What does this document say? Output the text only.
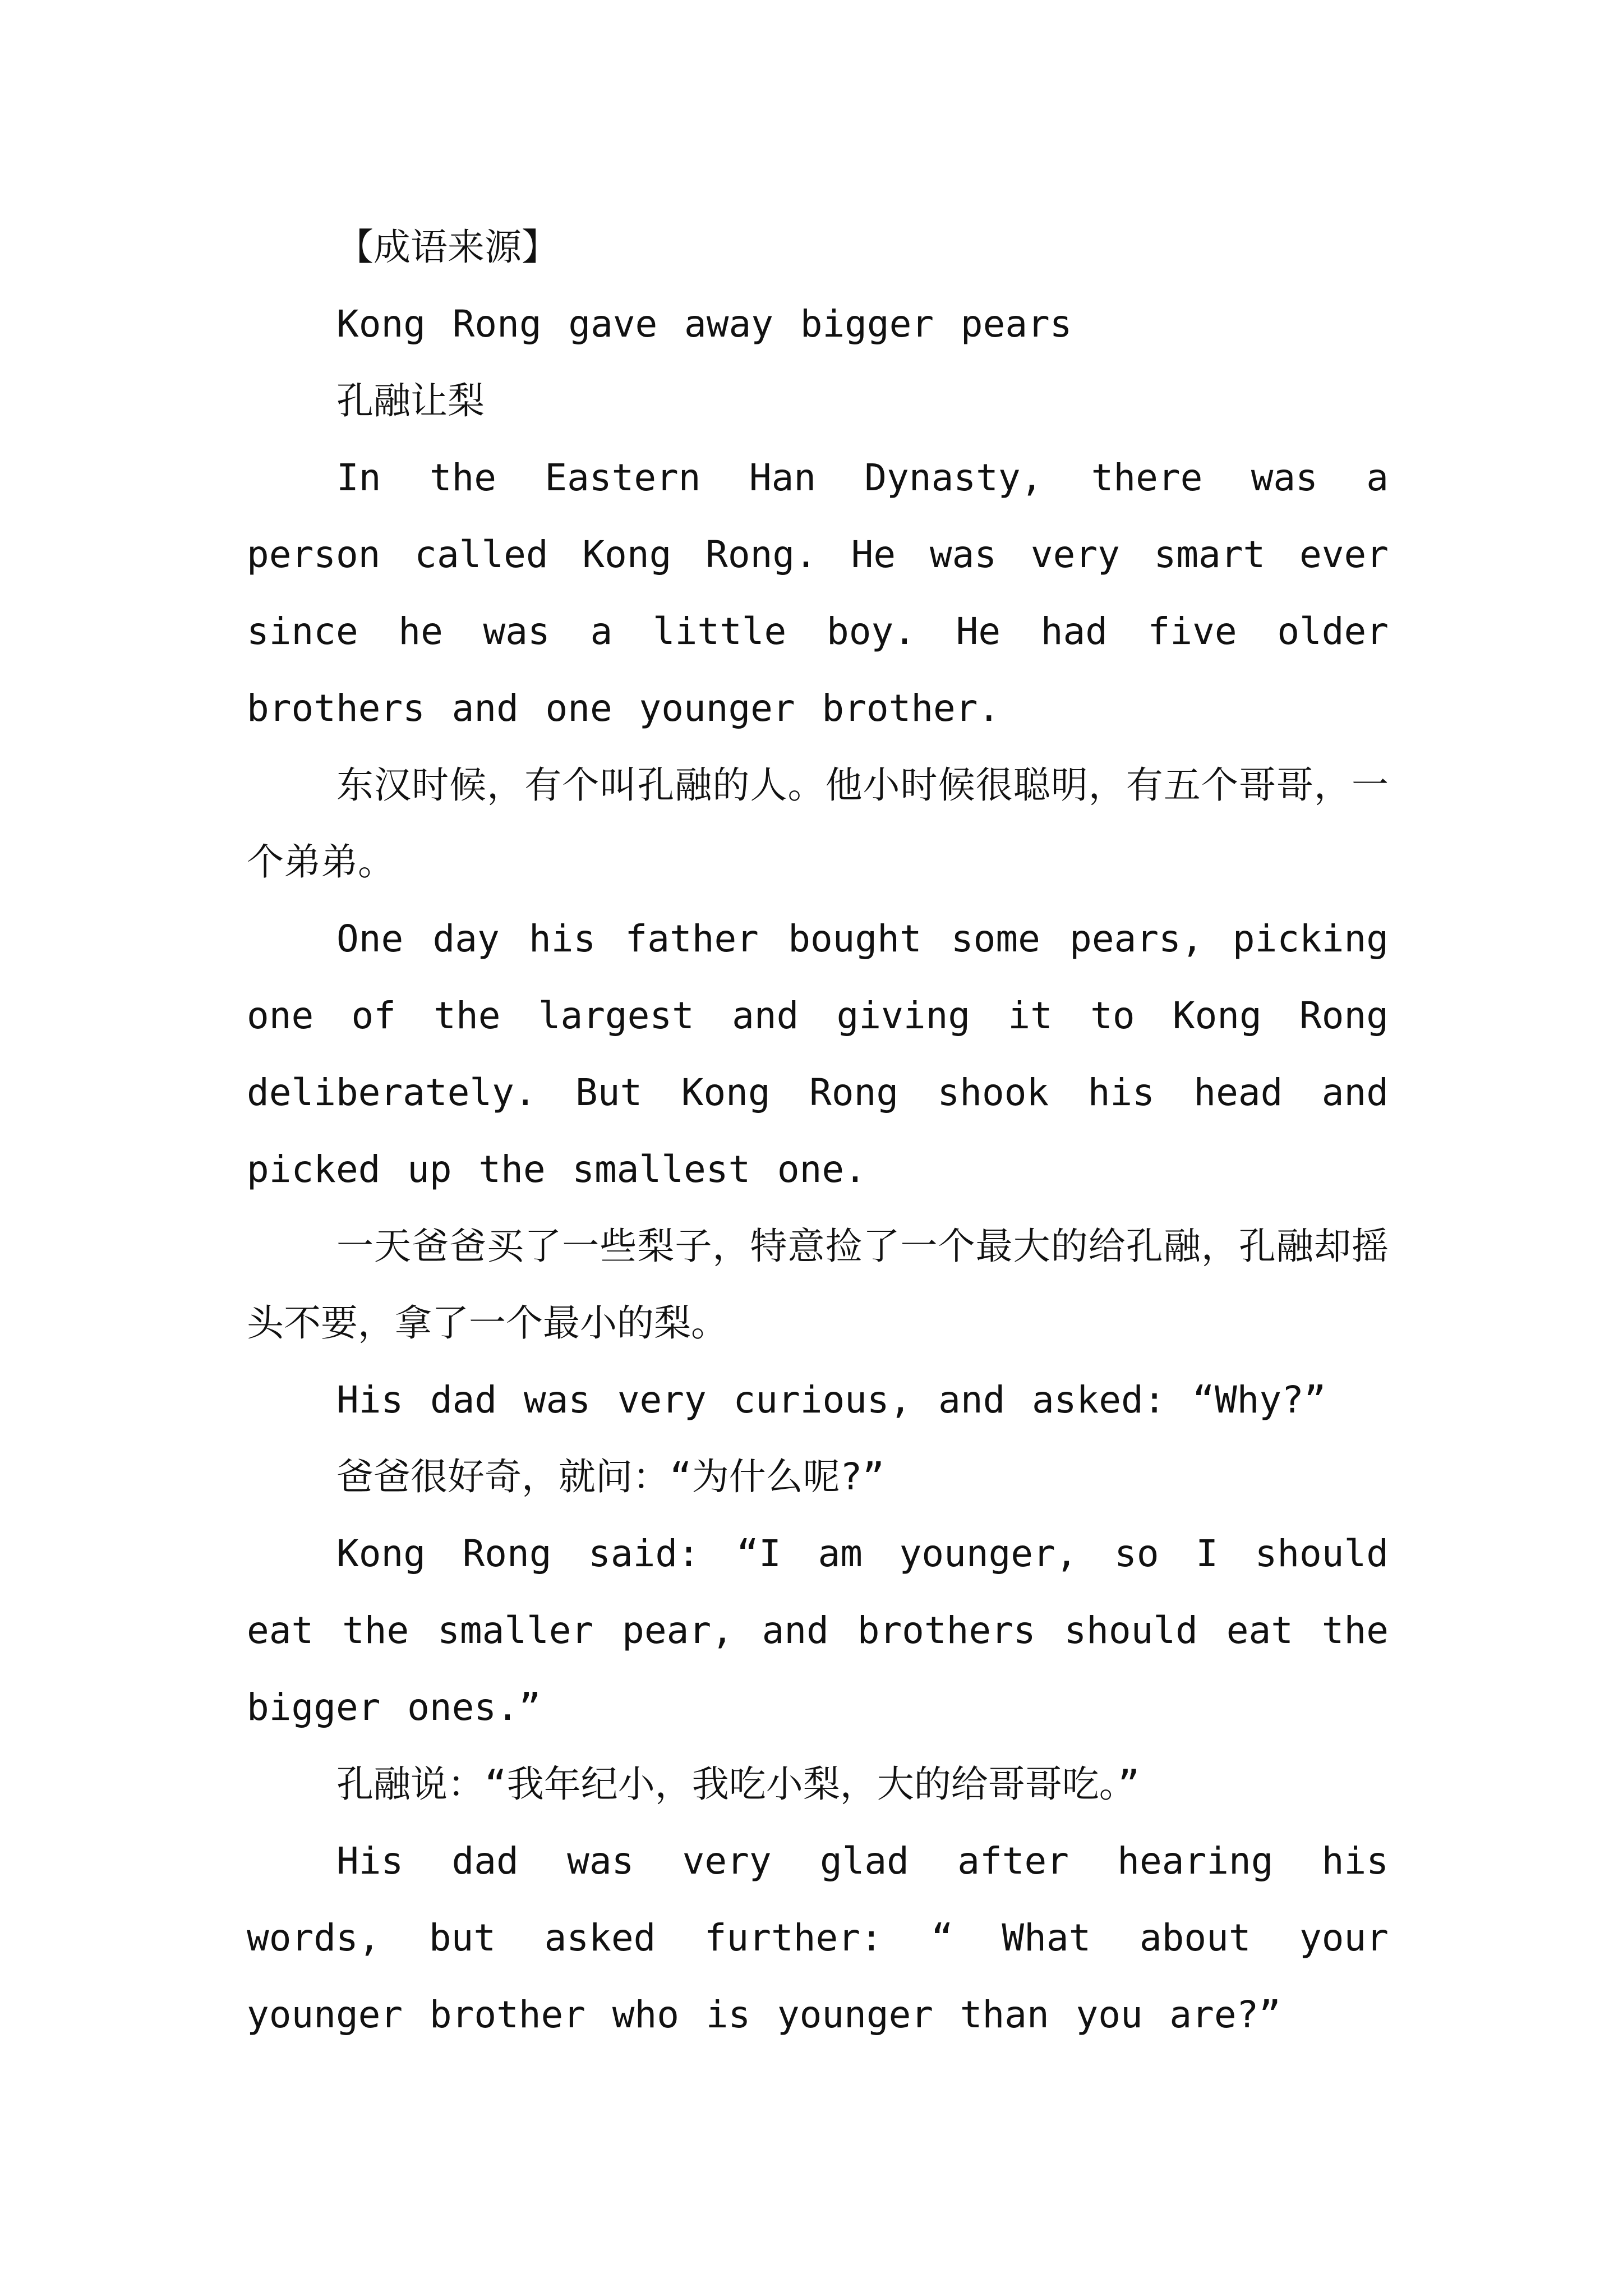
【成语来源】

Kong Rong gave away bigger pears

孔融让梨

In the Eastern Han Dynasty, there was a person called Kong Rong. He was very smart ever since he was a little boy. He had five older brothers and one younger brother.

东汉时候，有个叫孔融的人。他小时候很聪明，有五个哥哥，一个弟弟。

One day his father bought some pears, picking one of the largest and giving it to Kong Rong deliberately. But Kong Rong shook his head and picked up the smallest one.

一天爸爸买了一些梨子，特意捡了一个最大的给孔融，孔融却摇头不要，拿了一个最小的梨。

His dad was very curious, and asked: “Why?”

爸爸很好奇，就问：“为什么呢?”

Kong Rong said: “I am younger, so I should eat the smaller pear, and brothers should eat the bigger ones.”

孔融说：“我年纪小，我吃小梨，大的给哥哥吃。”

His dad was very glad after hearing his words, but asked further: “ What about your younger brother who is younger than you are?”
